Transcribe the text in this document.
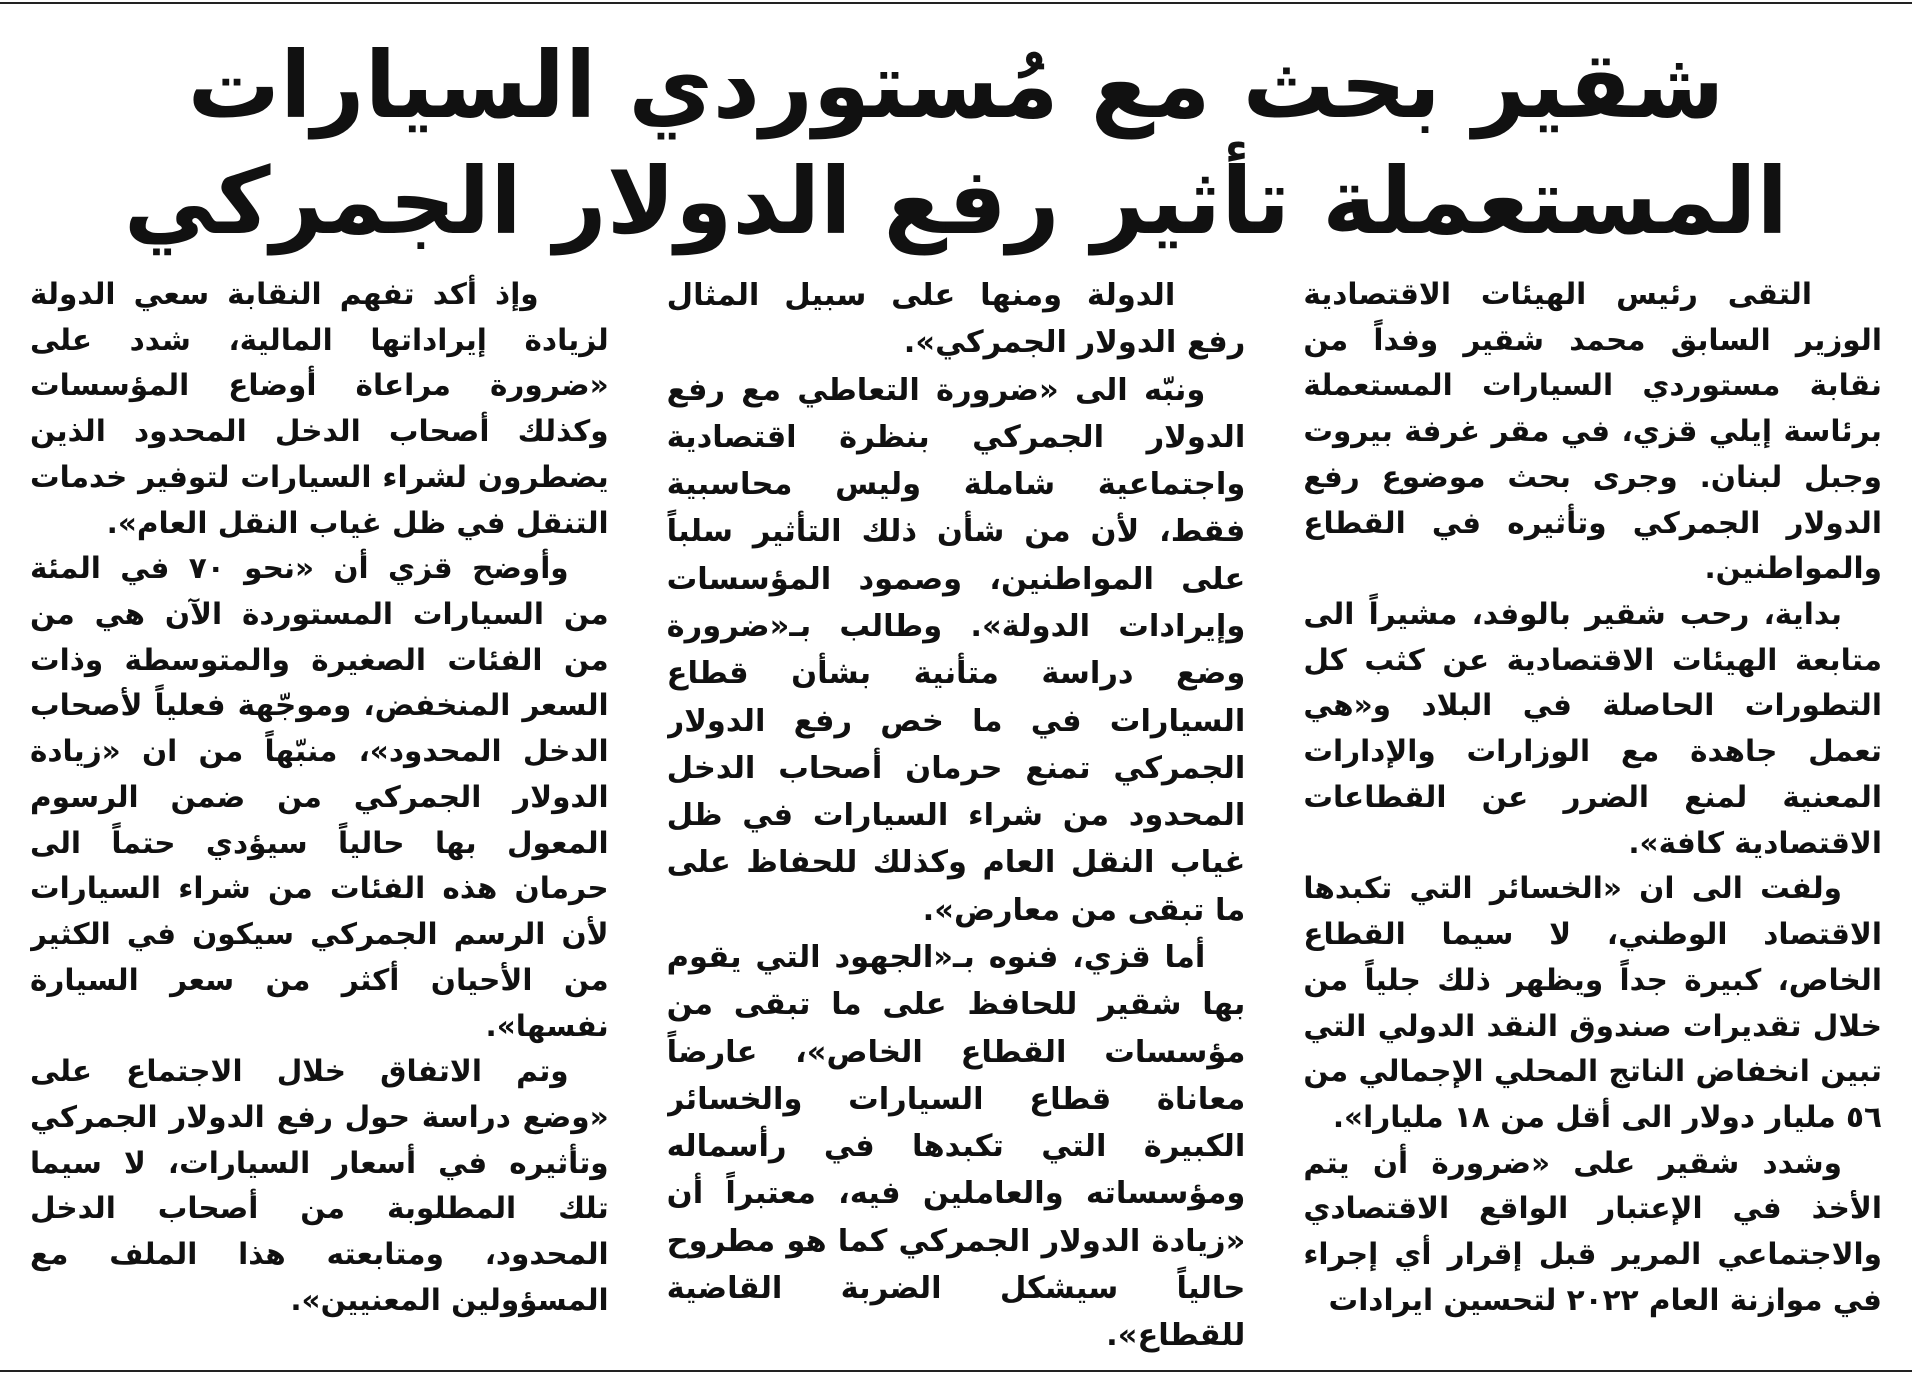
شقير بحث مع مُستوردي السيارات
المستعملة تأثير رفع الدولار الجمركي

التقى رئيس الهيئات الاقتصادية الوزير السابق محمد شقير وفداً من نقابة مستوردي السيارات المستعملة برئاسة إيلي قزي، في مقر غرفة بيروت وجبل لبنان. وجرى بحث موضوع رفع الدولار الجمركي وتأثيره في القطاع والمواطنين.

بداية، رحب شقير بالوفد، مشيراً الى متابعة الهيئات الاقتصادية عن كثب كل التطورات الحاصلة في البلاد و«هي تعمل جاهدة مع الوزارات والإدارات المعنية لمنع الضرر عن القطاعات الاقتصادية كافة».

ولفت الى ان «الخسائر التي تكبدها الاقتصاد الوطني، لا سيما القطاع الخاص، كبيرة جداً ويظهر ذلك جلياً من خلال تقديرات صندوق النقد الدولي التي تبين انخفاض الناتج المحلي الإجمالي من ٥٦ مليار دولار الى أقل من ١٨ مليارا».

وشدد شقير على «ضرورة أن يتم الأخذ في الإعتبار الواقع الاقتصادي والاجتماعي المرير قبل إقرار أي إجراء في موازنة العام ٢٠٢٢ لتحسين ايرادات

الدولة ومنها على سبيل المثال رفع الدولار الجمركي».

ونبّه الى «ضرورة التعاطي مع رفع الدولار الجمركي بنظرة اقتصادية واجتماعية شاملة وليس محاسبية فقط، لأن من شأن ذلك التأثير سلباً على المواطنين، وصمود المؤسسات وإيرادات الدولة». وطالب بـ«ضرورة وضع دراسة متأنية بشأن قطاع السيارات في ما خص رفع الدولار الجمركي تمنع حرمان أصحاب الدخل المحدود من شراء السيارات في ظل غياب النقل العام وكذلك للحفاظ على ما تبقى من معارض».

أما قزي، فنوه بـ«الجهود التي يقوم بها شقير للحافظ على ما تبقى من مؤسسات القطاع الخاص»، عارضاً معاناة قطاع السيارات والخسائر الكبيرة التي تكبدها في رأسماله ومؤسساته والعاملين فيه، معتبراً أن «زيادة الدولار الجمركي كما هو مطروح حالياً سيشكل الضربة القاضية للقطاع».

وإذ أكد تفهم النقابة سعي الدولة لزيادة إيراداتها المالية، شدد على «ضرورة مراعاة أوضاع المؤسسات وكذلك أصحاب الدخل المحدود الذين يضطرون لشراء السيارات لتوفير خدمات التنقل في ظل غياب النقل العام».

وأوضح قزي أن «نحو ٧٠ في المئة من السيارات المستوردة الآن هي من من الفئات الصغيرة والمتوسطة وذات السعر المنخفض، وموجّهة فعلياً لأصحاب الدخل المحدود»، منبّهاً من ان «زيادة الدولار الجمركي من ضمن الرسوم المعول بها حالياً سيؤدي حتماً الى حرمان هذه الفئات من شراء السيارات لأن الرسم الجمركي سيكون في الكثير من الأحيان أكثر من سعر السيارة نفسها».

وتم الاتفاق خلال الاجتماع على «وضع دراسة حول رفع الدولار الجمركي وتأثيره في أسعار السيارات، لا سيما تلك المطلوبة من أصحاب الدخل المحدود، ومتابعته هذا الملف مع المسؤولين المعنيين».
